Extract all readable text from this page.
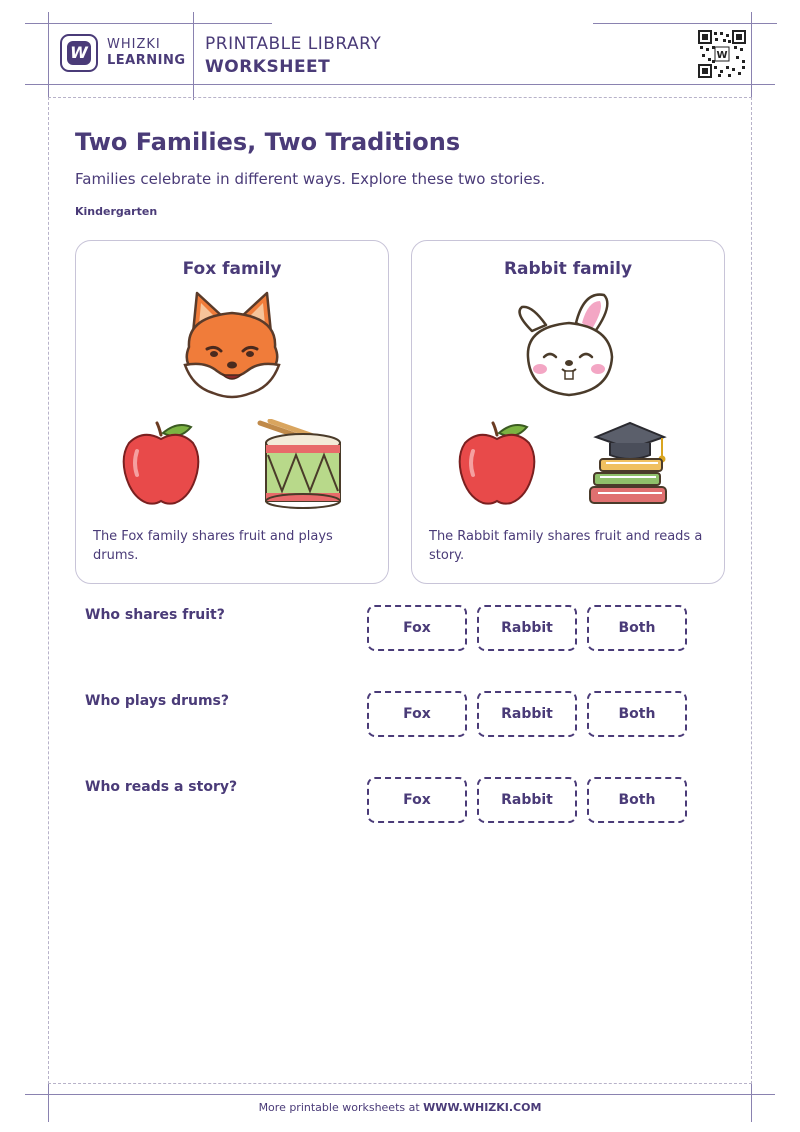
W WHIZKI
LEARNING
PRINTABLE LIBRARY
WORKSHEET
W
Two Families, Two Traditions
Families celebrate in different ways. Explore these two stories.
Kindergarten
Fox family
The Fox family shares fruit and plays drums.
Rabbit family
The Rabbit family shares fruit and reads a story.
Who shares fruit?
Fox	Rabbit	Both
Who plays drums?
Fox	Rabbit	Both
Who reads a story?
Fox	Rabbit	Both
More printable worksheets at WWW.WHIZKI.COM
